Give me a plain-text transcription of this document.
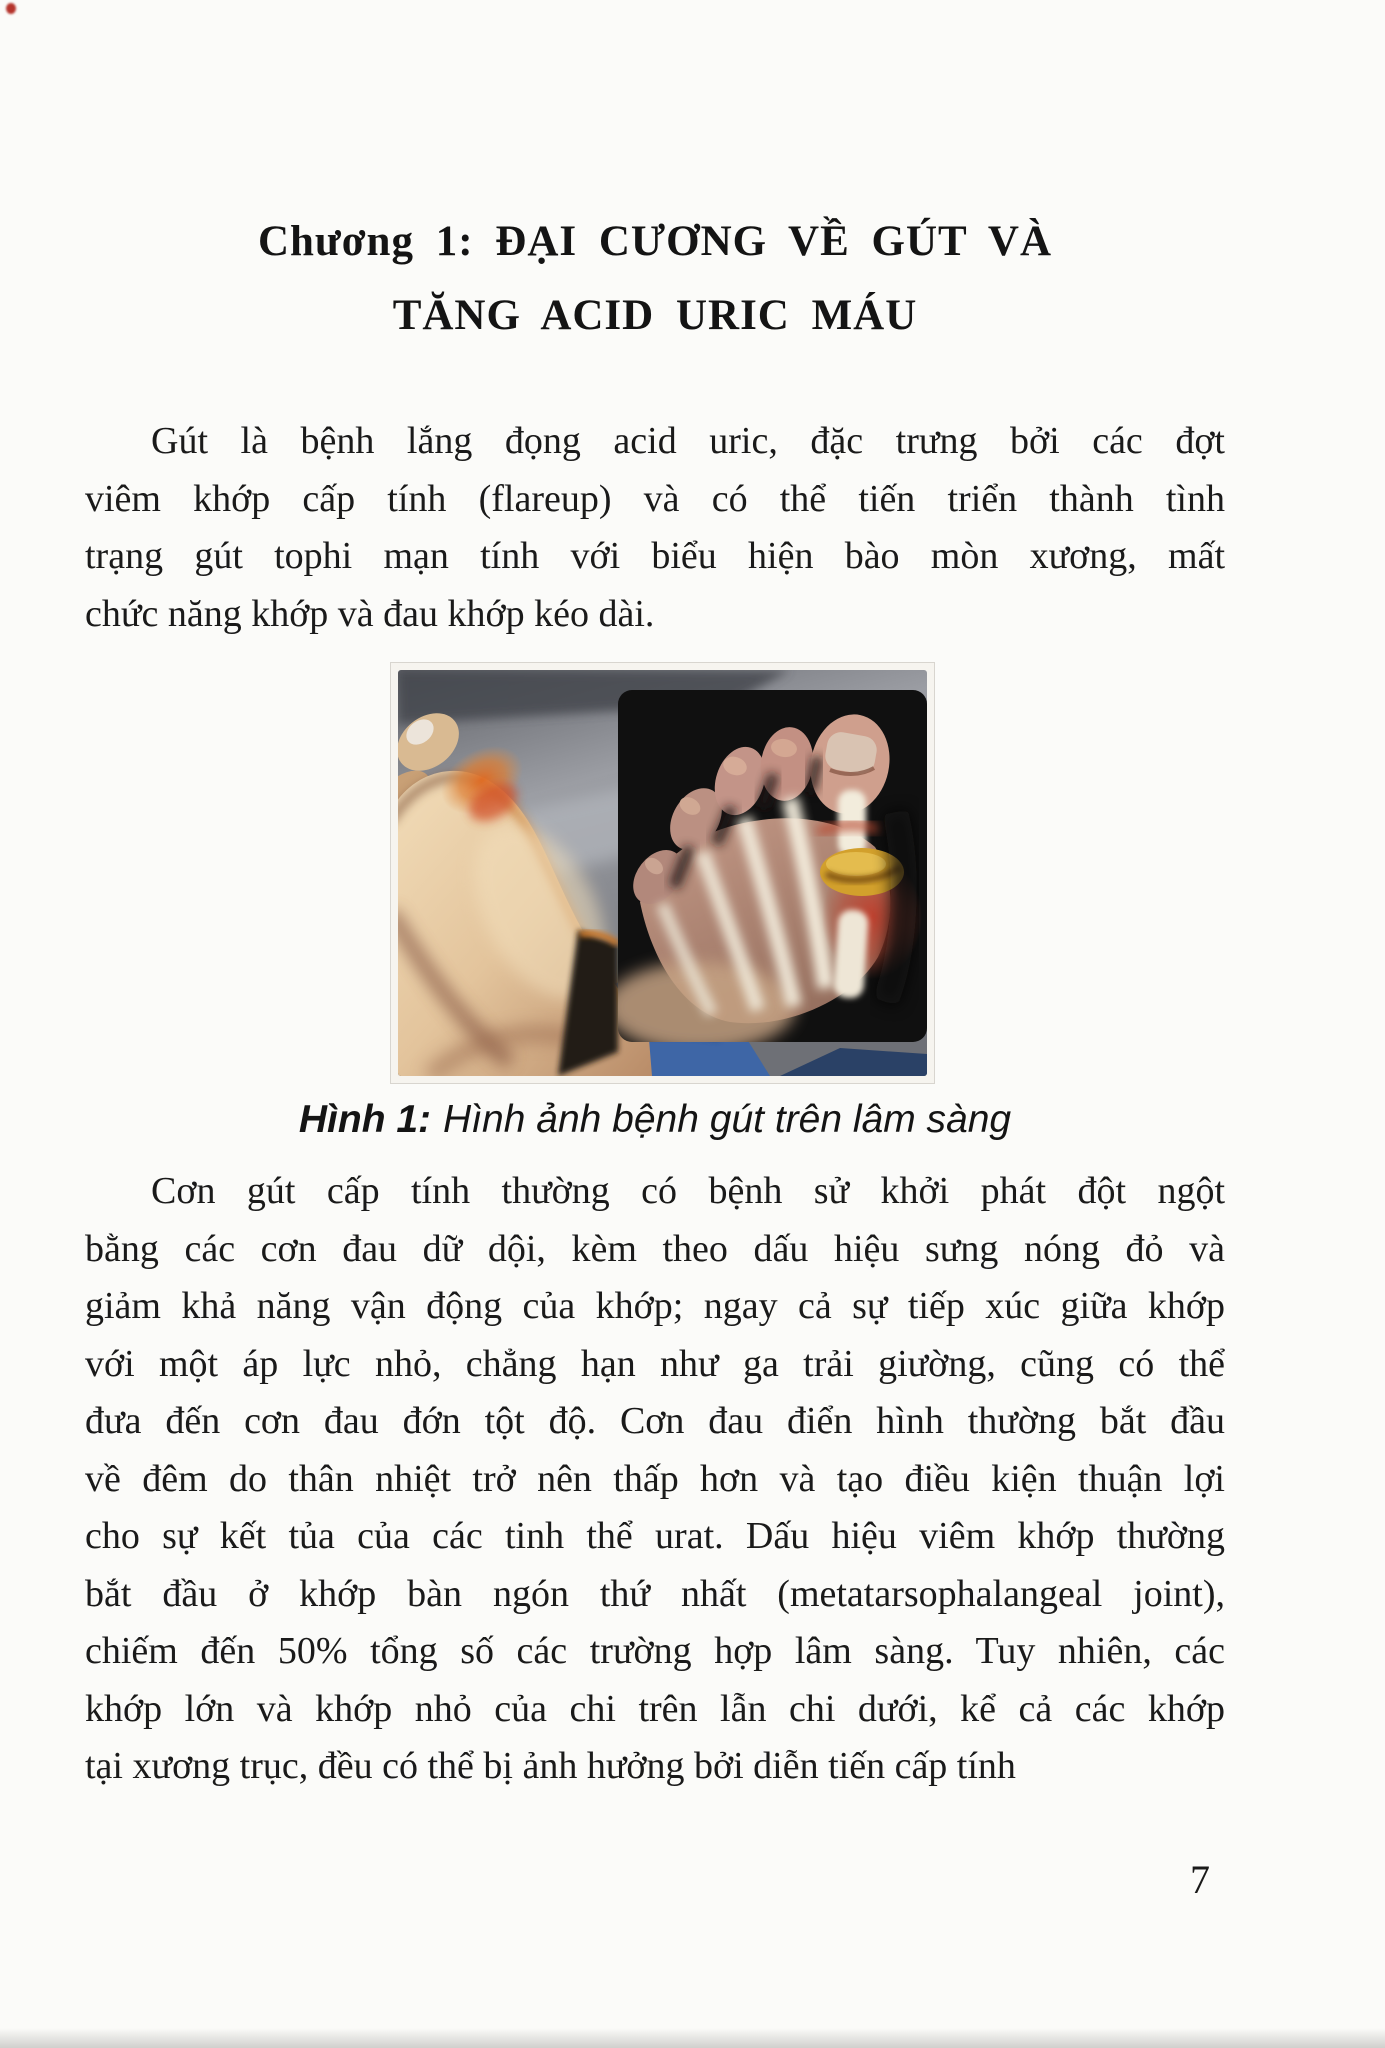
Chương 1: ĐẠI CƯƠNG VỀ GÚT VÀ
TĂNG ACID URIC MÁU
Gút là bệnh lắng đọng acid uric, đặc trưng bởi các đợt
viêm khớp cấp tính (flareup) và có thể tiến triển thành tình
trạng gút tophi mạn tính với biểu hiện bào mòn xương, mất
chức năng khớp và đau khớp kéo dài.
Hình 1: Hình ảnh bệnh gút trên lâm sàng
Cơn gút cấp tính thường có bệnh sử khởi phát đột ngột
bằng các cơn đau dữ dội, kèm theo dấu hiệu sưng nóng đỏ và
giảm khả năng vận động của khớp; ngay cả sự tiếp xúc giữa khớp
với một áp lực nhỏ, chẳng hạn như ga trải giường, cũng có thể
đưa đến cơn đau đớn tột độ. Cơn đau điển hình thường bắt đầu
về đêm do thân nhiệt trở nên thấp hơn và tạo điều kiện thuận lợi
cho sự kết tủa của các tinh thể urat. Dấu hiệu viêm khớp thường
bắt đầu ở khớp bàn ngón thứ nhất (metatarsophalangeal joint),
chiếm đến 50% tổng số các trường hợp lâm sàng. Tuy nhiên, các
khớp lớn và khớp nhỏ của chi trên lẫn chi dưới, kể cả các khớp
tại xương trục, đều có thể bị ảnh hưởng bởi diễn tiến cấp tính
7
